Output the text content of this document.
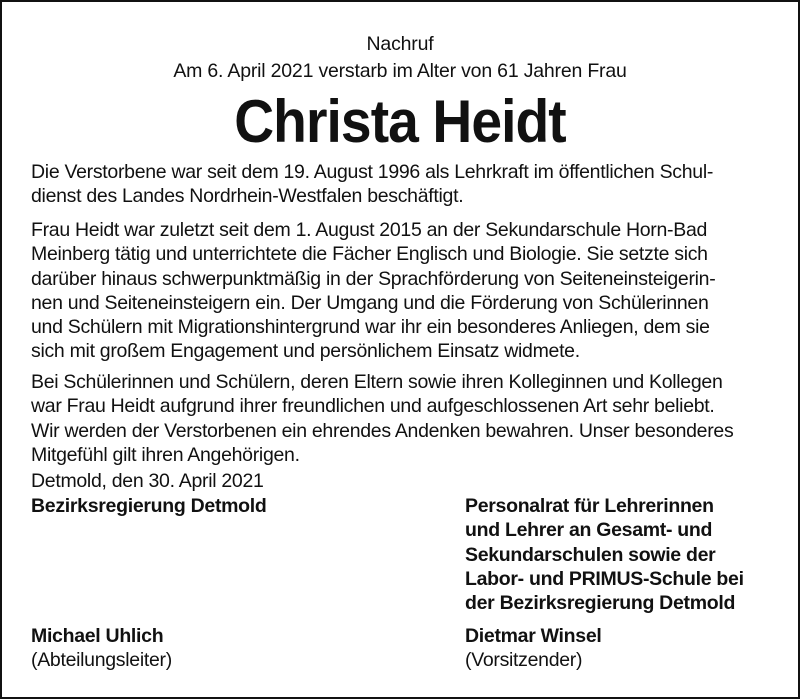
Nachruf
Am 6. April 2021 verstarb im Alter von 61 Jahren Frau
Christa Heidt
Die Verstorbene war seit dem 19. August 1996 als Lehrkraft im öffentlichen Schul-
dienst des Landes Nordrhein-Westfalen beschäftigt.
Frau Heidt war zuletzt seit dem 1. August 2015 an der Sekundarschule Horn-Bad
Meinberg tätig und unterrichtete die Fächer Englisch und Biologie. Sie setzte sich
darüber hinaus schwerpunktmäßig in der Sprachförderung von Seiteneinsteigerin-
nen und Seiteneinsteigern ein. Der Umgang und die Förderung von Schülerinnen
und Schülern mit Migrationshintergrund war ihr ein besonderes Anliegen, dem sie
sich mit großem Engagement und persönlichem Einsatz widmete.
Bei Schülerinnen und Schülern, deren Eltern sowie ihren Kolleginnen und Kollegen
war Frau Heidt aufgrund ihrer freundlichen und aufgeschlossenen Art sehr beliebt.
Wir werden der Verstorbenen ein ehrendes Andenken bewahren. Unser besonderes
Mitgefühl gilt ihren Angehörigen.
Detmold, den 30. April 2021
Bezirksregierung Detmold	Personalrat für Lehrerinnen
und Lehrer an Gesamt- und
Sekundarschulen sowie der
Labor- und PRIMUS-Schule bei
der Bezirksregierung Detmold
Michael Uhlich
(Abteilungsleiter)
Dietmar Winsel
(Vorsitzender)
